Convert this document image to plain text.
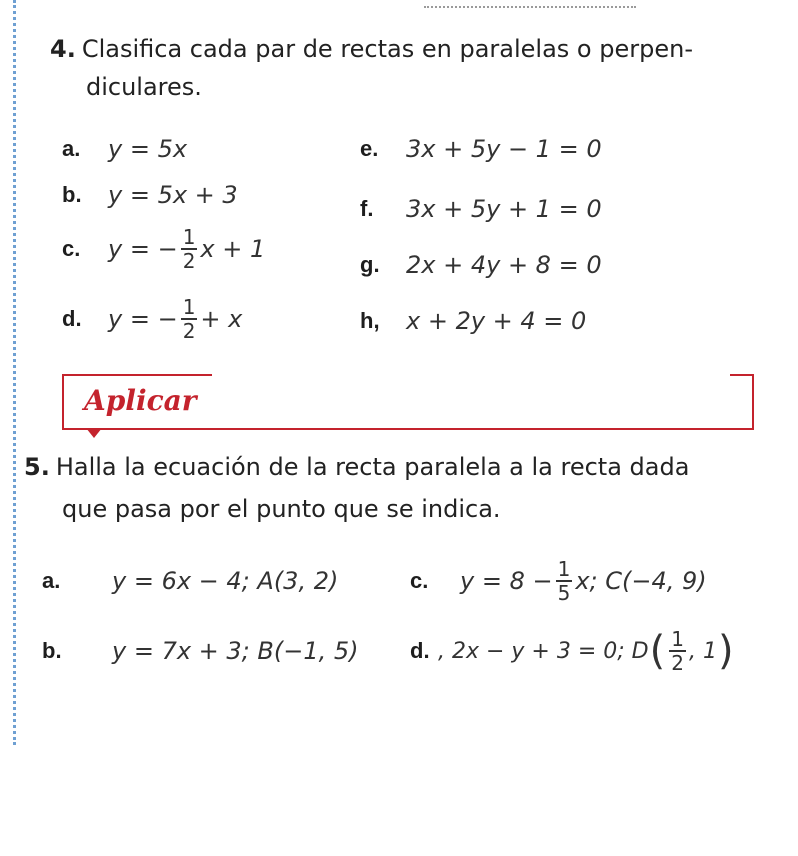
4. Clasifica cada par de rectas en paralelas o perpen-

diculares.

a.	y = 5x
b.	y = 5x + 3
c.	y = − $\frac{1}{2}$ x + 1
d.	y = − $\frac{1}{2} + x$
e.	3x + 5y − 1 = 0
f.	3x + 5y + 1 = 0
g.	2x + 4y + 8 = 0
h,	x + 2y + 4 = 0
Aplicar

5. Halla la ecuación de la recta paralela a la recta dada

que pasa por el punto que se indica.

a.	y = 6x − 4; A(3, 2)
b.	y = 7x + 3; B(−1, 5)
c.	$y = 8 - \frac{1}{5} x$; C(−4, 9)
d. , 2x − y + 3 = 0; D ( $\frac{1}{2}$ , 1 )
